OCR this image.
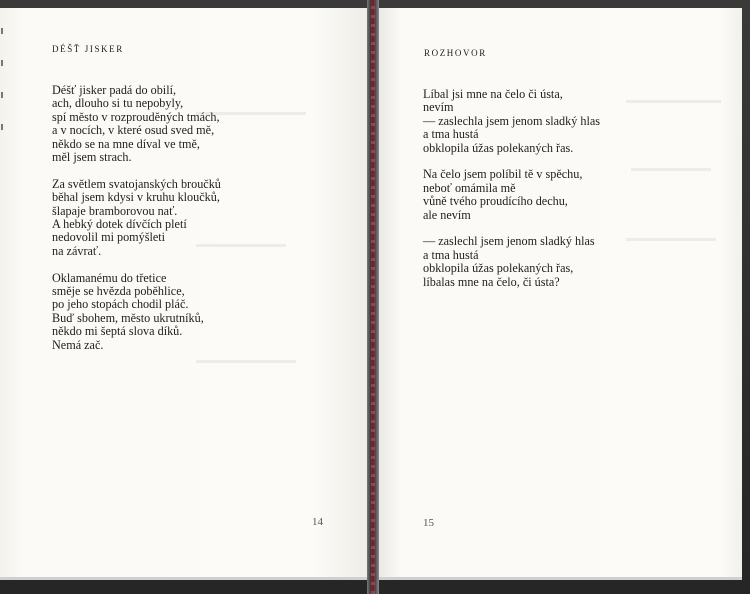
DÉŠŤ JISKER
Déšť jisker padá do obilí,
ach, dlouho si tu nepobyly,
spí město v rozproudĕných tmách,
a v nocích, v které osud sved mě,
někdo se na mne díval ve tmě,
měl jsem strach.
Za světlem svatojanských broučků
běhal jsem kdysi v kruhu kloučků,
šlapaje bramborovou nať.
A hebký dotek dívčích pletí
nedovolil mi pomýšleti
na závrať.
Oklamanému do třetice
směje se hvězda poběhlice,
po jeho stopách chodil pláč.
Buď sbohem, město ukrutníků,
někdo mi šeptá slova díků.
Nemá zač.
14
ROZHOVOR
Líbal jsi mne na čelo či ústa,
nevím
— zaslechla jsem jenom sladký hlas
a tma hustá
obklopila úžas polekaných řas.
Na čelo jsem políbil tě v spěchu,
neboť omámila mě
vůně tvého proudícího dechu,
ale nevím
— zaslechl jsem jenom sladký hlas
a tma hustá
obklopila úžas polekaných řas,
líbalas mne na čelo, či ústa?
15
